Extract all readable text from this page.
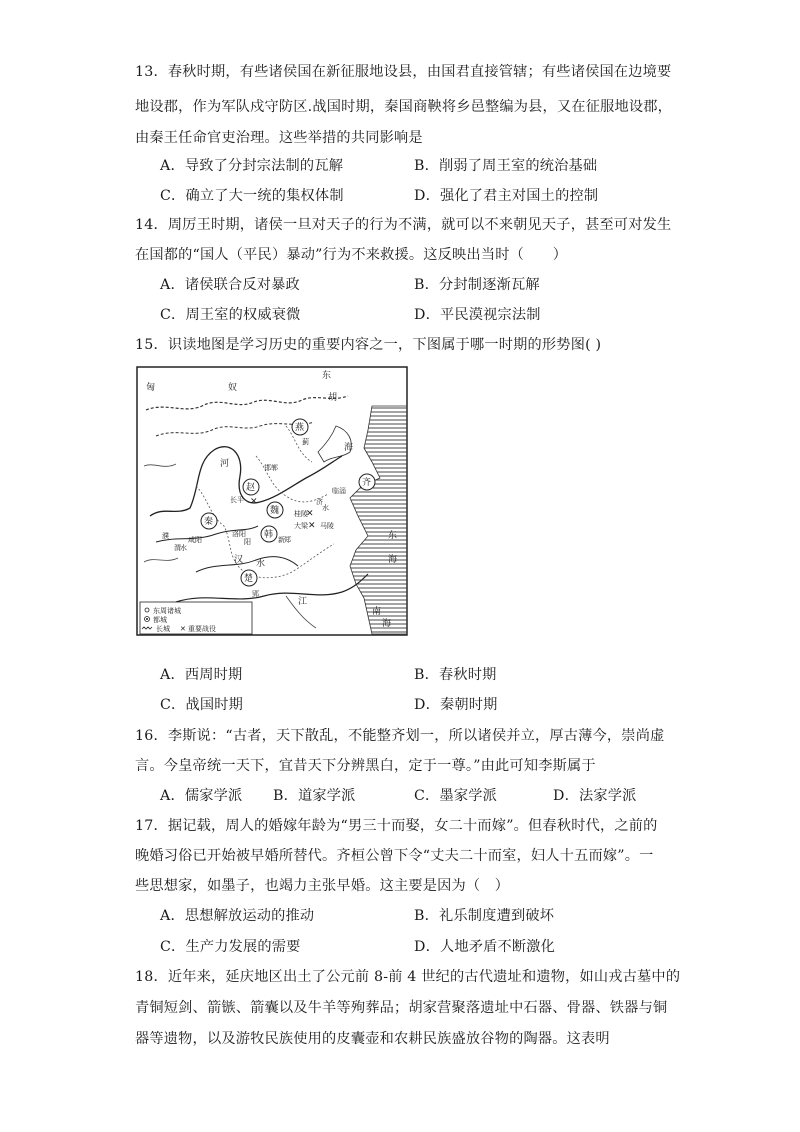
13．春秋时期，有些诸侯国在新征服地设县，由国君直接管辖；有些诸侯国在边境要
地设郡，作为军队戍守防区.战国时期，秦国商鞅将乡邑整编为县，又在征服地设郡，
由秦王任命官吏治理。这些举措的共同影响是
A．导致了分封宗法制的瓦解	B．削弱了周王室的统治基础
C．确立了大一统的集权体制	D．强化了君主对国土的控制
14．周厉王时期，诸侯一旦对天子的行为不满，就可以不来朝见天子，甚至可对发生
在国都的“国人（平民）暴动”行为不来救援。这反映出当时（　　）
A．诸侯联合反对暴政	B．分封制逐渐瓦解
C．周王室的权威衰微	D．平民漠视宗法制
15．识读地图是学习历史的重要内容之一，下图属于哪一时期的形势图( )
匈	奴
东
胡
燕
蓟
海
齐
临淄
赵
邯郸
魏
大梁
秦
咸阳	韩
洛阳
楚
郢
河
长平
桂陵
马陵
汉 水
江
东
海
南
海
濮
渭 水
阳	新 郑
济
水
✕
✕
✕
东周诸城
都城
长城 ✕ 重要战役
A．西周时期	B．春秋时期
C．战国时期	D．秦朝时期
16．李斯说：“古者，天下散乱，不能整齐划一，所以诸侯并立，厚古薄今，崇尚虚
言。今皇帝统一天下，宜昔天下分辨黑白，定于一尊。”由此可知李斯属于
A．儒家学派 B．道家学派	C．墨家学派	D．法家学派
17．据记载，周人的婚嫁年龄为“男三十而娶，女二十而嫁”。但春秋时代，之前的
晚婚习俗已开始被早婚所替代。齐桓公曾下令“丈夫二十而室，妇人十五而嫁”。一
些思想家，如墨子，也竭力主张早婚。这主要是因为（　）
A．思想解放运动的推动	B．礼乐制度遭到破坏
C．生产力发展的需要	D．人地矛盾不断激化
18．近年来，延庆地区出土了公元前 8-前 4 世纪的古代遗址和遗物，如山戎古墓中的
青铜短剑、箭镞、箭囊以及牛羊等殉葬品；胡家营聚落遗址中石器、骨器、铁器与铜
器等遗物，以及游牧民族使用的皮囊壶和农耕民族盛放谷物的陶器。这表明
